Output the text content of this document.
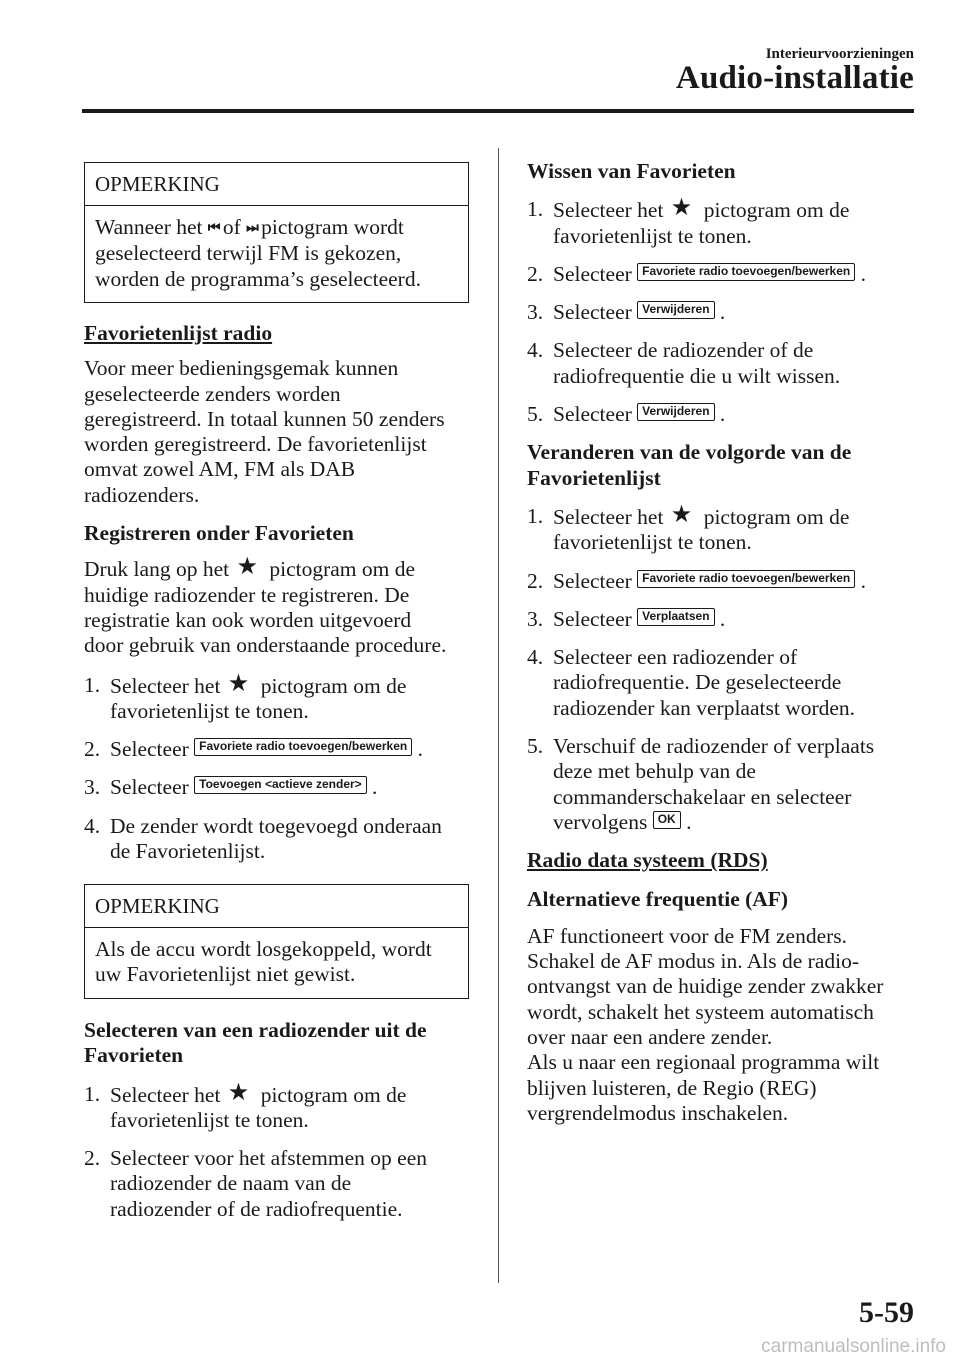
Interieurvoorzieningen
Audio-installatie
OPMERKING
Wanneer het ⏮ of ⏭ pictogram wordt
geselecteerd terwijl FM is gekozen,
worden de programma’s geselecteerd.
Favorietenlijst radio

Voor meer bedieningsgemak kunnen
geselecteerde zenders worden
geregistreerd. In totaal kunnen 50 zenders
worden geregistreerd. De favorietenlijst
omvat zowel AM, FM als DAB
radiozenders.

Registreren onder Favorieten

Druk lang op het ★ pictogram om de
huidige radiozender te registreren. De
registratie kan ook worden uitgevoerd
door gebruik van onderstaande procedure.

1. Selecteer het ★ pictogram om de
favorietenlijst te tonen.
2. Selecteer Favoriete radio toevoegen/bewerken .
3. Selecteer Toevoegen <actieve zender> .
4. De zender wordt toegevoegd onderaan
de Favorietenlijst.
OPMERKING
Als de accu wordt losgekoppeld, wordt
uw Favorietenlijst niet gewist.
Selecteren van een radiozender uit de
Favorieten
1. Selecteer het ★ pictogram om de
favorietenlijst te tonen.
2. Selecteer voor het afstemmen op een
radiozender de naam van de
radiozender of de radiofrequentie.
Wissen van Favorieten
1. Selecteer het ★ pictogram om de
favorietenlijst te tonen.
2. Selecteer Favoriete radio toevoegen/bewerken .
3. Selecteer Verwijderen .
4. Selecteer de radiozender of de
radiofrequentie die u wilt wissen.
5. Selecteer Verwijderen .
Veranderen van de volgorde van de
Favorietenlijst
1. Selecteer het ★ pictogram om de
favorietenlijst te tonen.
2. Selecteer Favoriete radio toevoegen/bewerken .
3. Selecteer Verplaatsen .
4. Selecteer een radiozender of
radiofrequentie. De geselecteerde
radiozender kan verplaatst worden.
5. Verschuif de radiozender of verplaats
deze met behulp van de
commanderschakelaar en selecteer
vervolgens OK .
Radio data systeem (RDS)
Alternatieve frequentie (AF)

AF functioneert voor de FM zenders.
Schakel de AF modus in. Als de radio-
ontvangst van de huidige zender zwakker
wordt, schakelt het systeem automatisch
over naar een andere zender.
Als u naar een regionaal programma wilt
blijven luisteren, de Regio (REG)
vergrendelmodus inschakelen.

5-59
carmanualsonline.info
